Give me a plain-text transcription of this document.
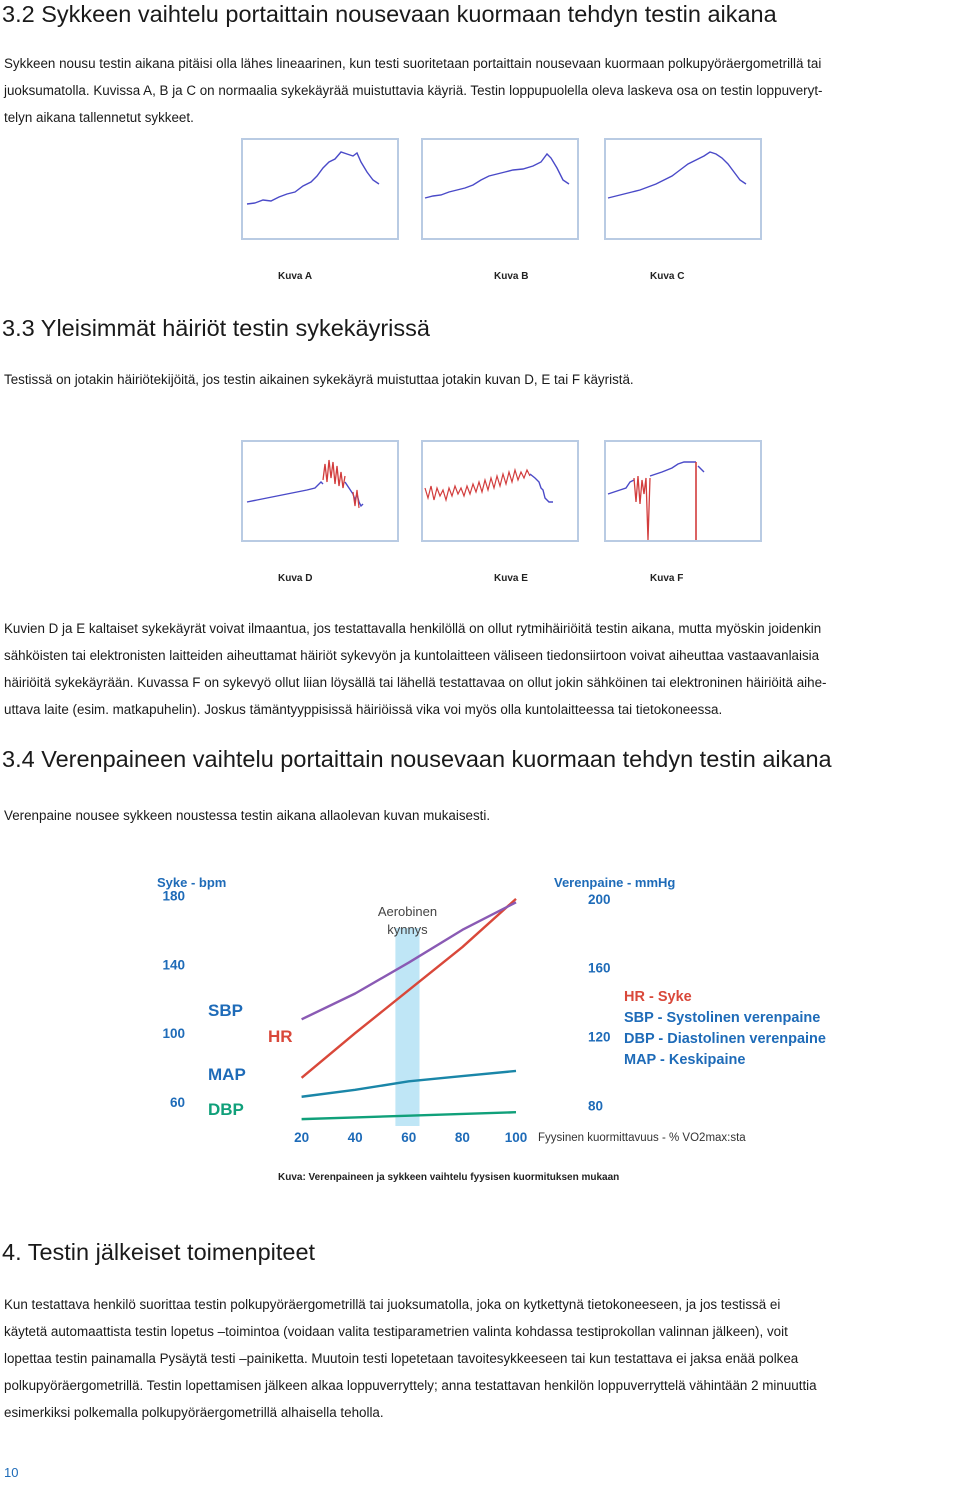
3.2 Sykkeen vaihtelu portaittain nousevaan kuormaan tehdyn testin aikana

Sykkeen nousu testin aikana pitäisi olla lähes lineaarinen, kun testi suoritetaan portaittain nousevaan kuormaan polkupyöräergometrillä tai
juoksumatolla. Kuvissa A, B ja C on normaalia sykekäyrää muistuttavia käyriä. Testin loppupuolella oleva laskeva osa on testin loppuveryt-
telyn aikana tallennetut sykkeet.

Kuva A	Kuva B	Kuva C
3.3 Yleisimmät häiriöt testin sykekäyrissä

Testissä on jotakin häiriötekijöitä, jos testin aikainen sykekäyrä muistuttaa jotakin kuvan D, E tai F käyristä.

Kuva D	Kuva E	Kuva F

Kuvien D ja E kaltaiset sykekäyrät voivat ilmaantua, jos testattavalla henkilöllä on ollut rytmihäiriöitä testin aikana, mutta myöskin joidenkin
sähköisten tai elektronisten laitteiden aiheuttamat häiriöt sykevyön ja kuntolaitteen väliseen tiedonsiirtoon voivat aiheuttaa vastaavanlaisia
häiriöitä sykekäyrään. Kuvassa F on sykevyö ollut liian löysällä tai lähellä testattavaa on ollut jokin sähköinen tai elektroninen häiriöitä aihe-
uttava laite (esim. matkapuhelin). Joskus tämäntyyppisissä häiriöissä vika voi myös olla kuntolaitteessa tai tietokoneessa.

3.4 Verenpaineen vaihtelu portaittain nousevaan kuormaan tehdyn testin aikana

Verenpaine nousee sykkeen noustessa testin aikana allaolevan kuvan mukaisesti.

Aerobinen
kynnys
Syke - bpm	Verenpaine - mmHg
180
140
100
60
200
160
120
80
20	40	60	80	100 Fyysinen kuormittavuus - % VO2max:sta
SBP
HR
MAP
DBP
HR - Syke
SBP - Systolinen verenpaine
DBP - Diastolinen verenpaine
MAP - Keskipaine
Kuva: Verenpaineen ja sykkeen vaihtelu fyysisen kuormituksen mukaan
4. Testin jälkeiset toimenpiteet

Kun testattava henkilö suorittaa testin polkupyöräergometrillä tai juoksumatolla, joka on kytkettynä tietokoneeseen, ja jos testissä ei
käytetä automaattista testin lopetus –toimintoa (voidaan valita testiparametrien valinta kohdassa testiprokollan valinnan jälkeen), voit
lopettaa testin painamalla Pysäytä testi –painiketta. Muutoin testi lopetetaan tavoitesykkeeseen tai kun testattava ei jaksa enää polkea
polkupyöräergometrillä. Testin lopettamisen jälkeen alkaa loppuverryttely; anna testattavan henkilön loppuverryttelä vähintään 2 minuuttia
esimerkiksi polkemalla polkupyöräergometrillä alhaisella teholla.

10
